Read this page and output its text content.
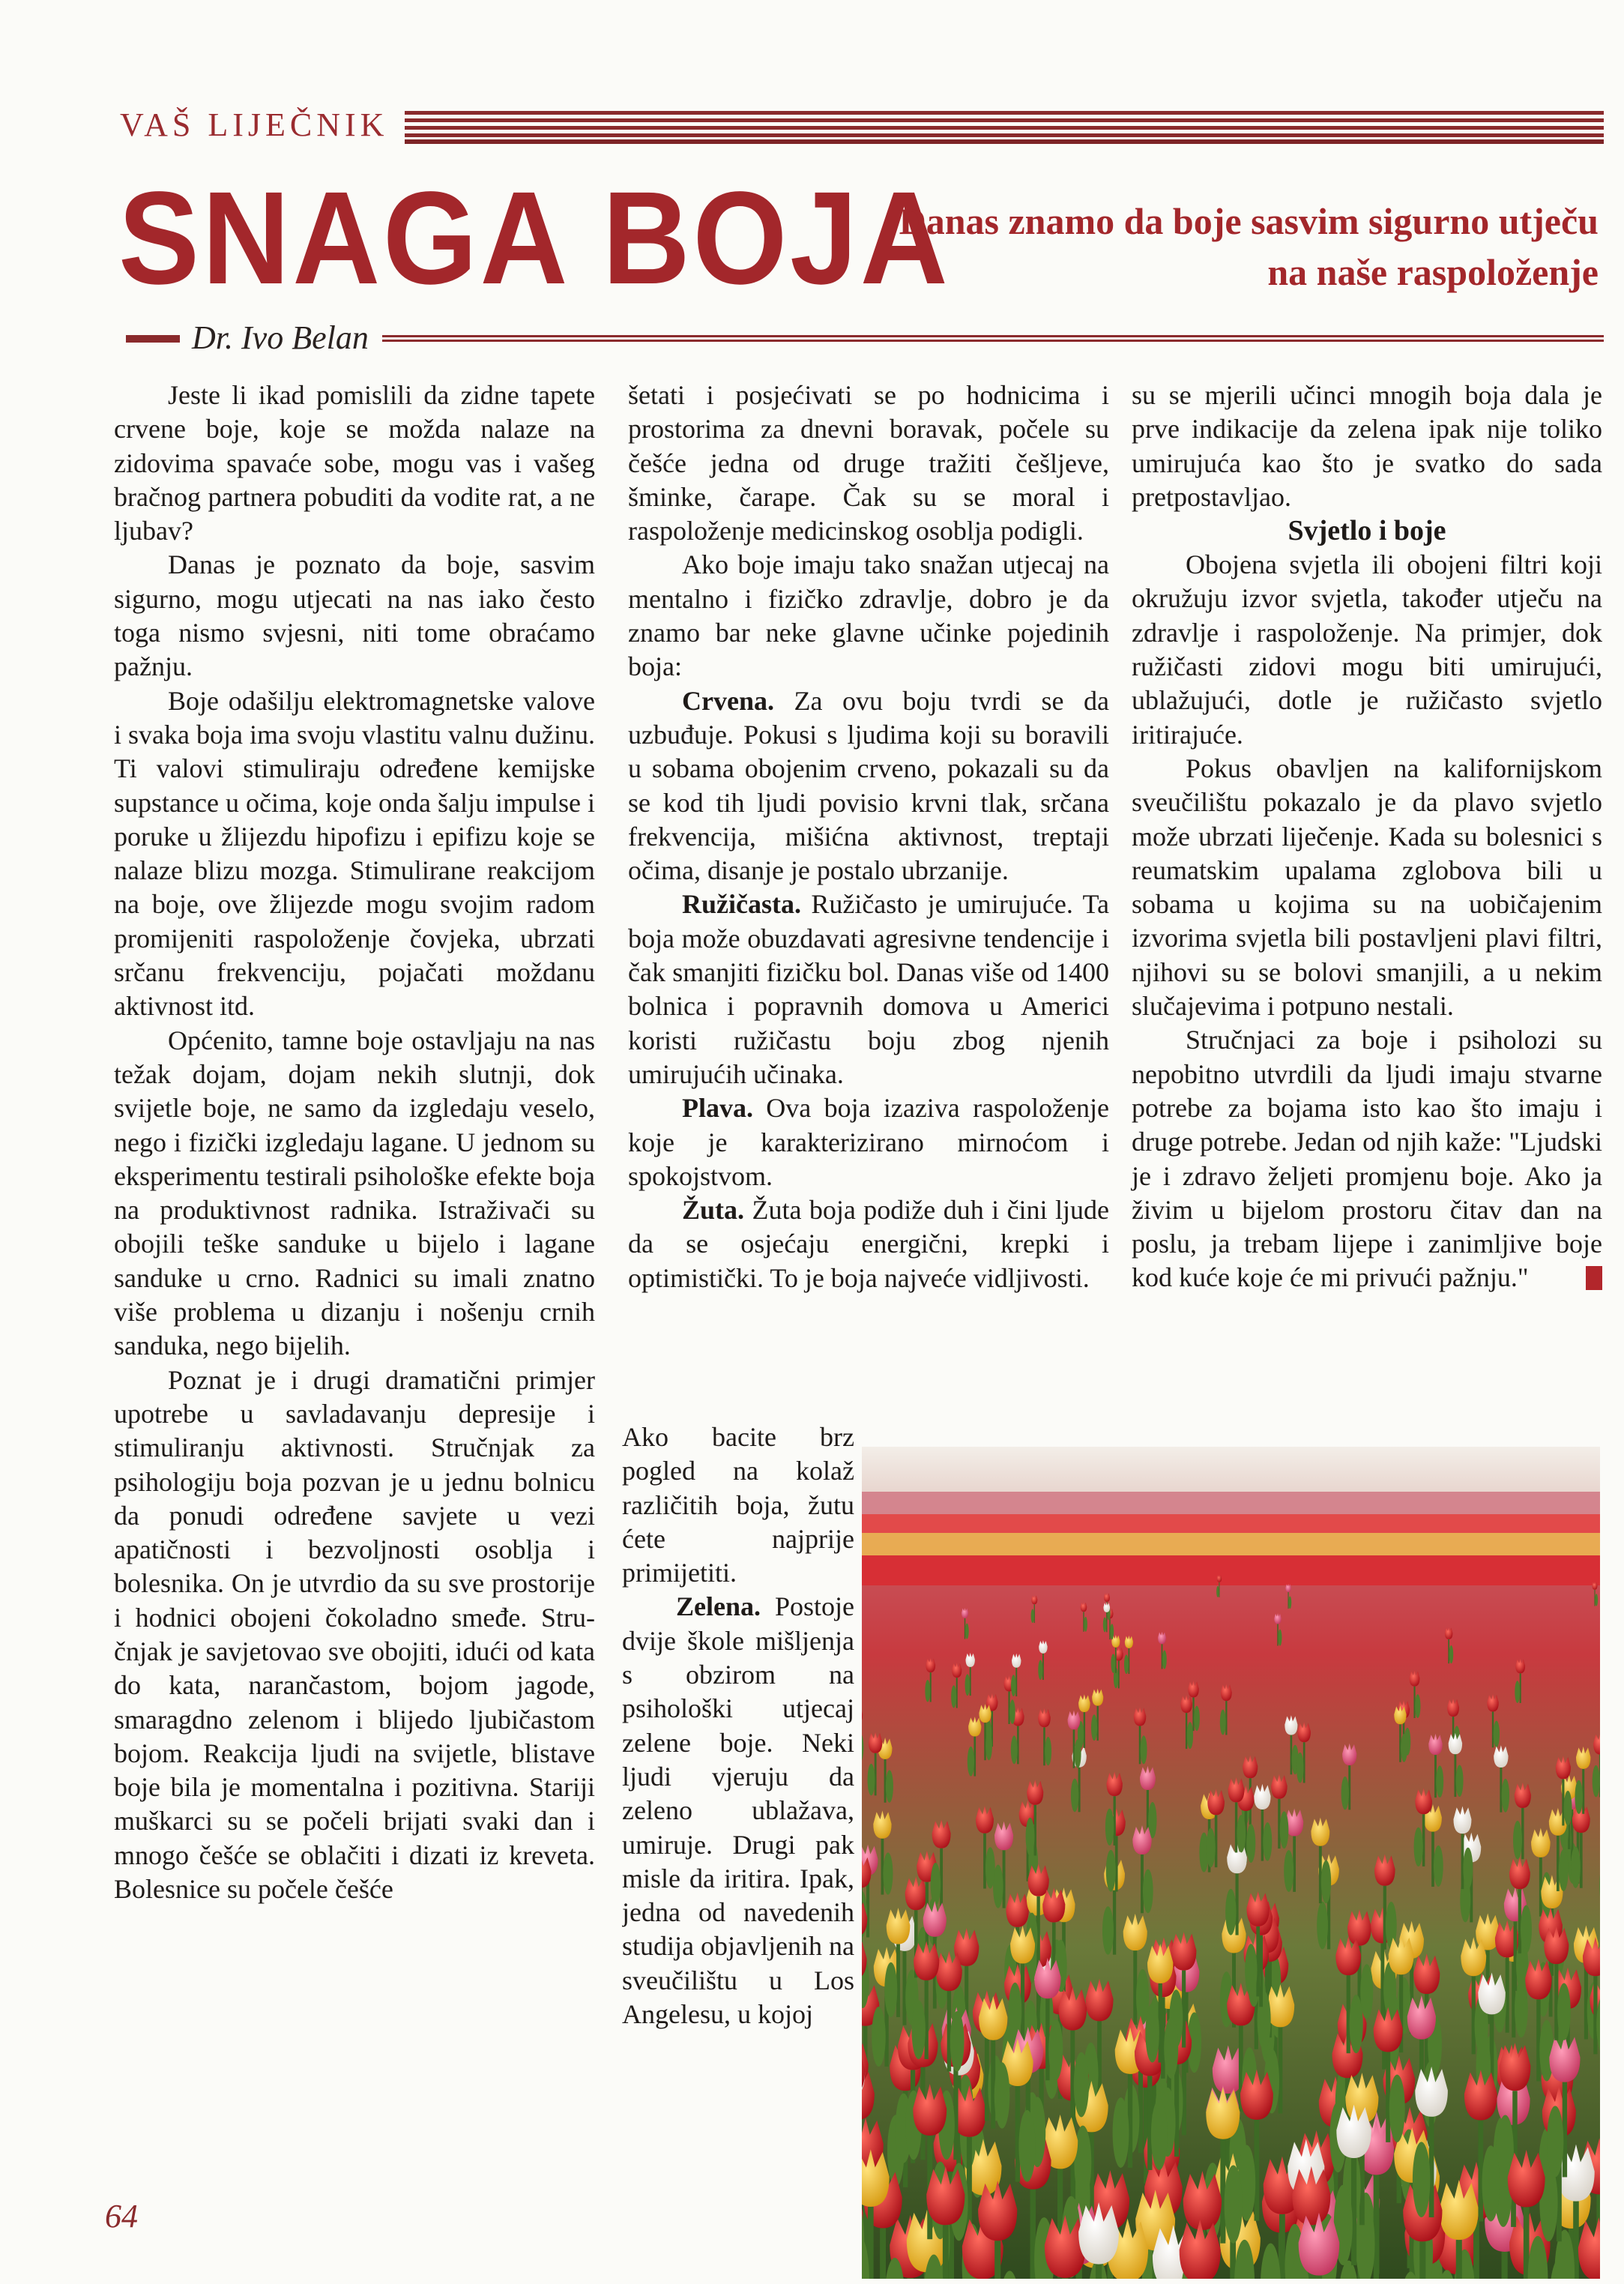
VAŠ LIJEČNIK
SNAGA BOJA
Danas znamo da boje sasvim sigurno utječu
na naše raspoloženje
Dr. Ivo Belan

Jeste li ikad pomislili da zidne tapete crvene boje, koje se možda nalaze na zidovima spavaće sobe, mogu vas i vašeg bračnog partnera pobuditi da vodite rat, a ne ljubav?

Danas je poznato da boje, sasvim sigurno, mogu utjecati na nas iako često toga nismo svjesni, niti tome obraćamo pažnju.

Boje odašilju elektromagnetske valove i svaka boja ima svoju vlastitu valnu dužinu. Ti valovi stimuliraju određene kemijske supstance u očima, koje onda šalju impulse i poruke u žlijezdu hipofizu i epifizu koje se nalaze blizu mozga. Stimulirane reakcijom na boje, ove žlijezde mogu svojim radom promijeniti raspoloženje čovjeka, ubrzati srčanu frekvenciju, pojačati moždanu aktivnost itd.

Općenito, tamne boje ostavljaju na nas težak dojam, dojam nekih slutnji, dok svijetle boje, ne samo da izgledaju veselo, nego i fizički izgledaju lagane. U jednom su eksperimentu testirali psihološke efekte boja na produktivnost radnika. Istraživači su obojili teške sanduke u bijelo i lagane sanduke u crno. Radnici su imali znatno više problema u dizanju i nošenju crnih sanduka, nego bijelih.

Poznat je i drugi dramatični primjer upotrebe u savladavanju depresije i stimuliranju aktivnosti. Stručnjak za psihologiju boja pozvan je u jednu bolnicu da ponudi određene savjete u vezi apatičnosti i bezvoljnosti osoblja i bolesnika. On je utvrdio da su sve prostorije i hodnici obojeni čokoladno smeđe. Stručnjak je savjetovao sve obojiti, idući od kata do kata, narančastom, bojom jagode, smaragdno zelenom i blijedo ljubičastom bojom. Reakcija ljudi na svijetle, blistave boje bila je momentalna i pozitivna. Stariji muškarci su se počeli brijati svaki dan i mnogo češće se oblačiti i dizati iz kreveta. Bolesnice su počele češće

šetati i posjećivati se po hodnicima i prostorima za dnevni boravak, počele su češće jedna od druge tražiti češljeve, šminke, čarape. Čak su se moral i raspoloženje medicinskog osoblja podigli.

Ako boje imaju tako snažan utjecaj na mentalno i fizičko zdravlje, dobro je da znamo bar neke glavne učinke pojedinih boja:

Crvena. Za ovu boju tvrdi se da uzbuđuje. Pokusi s ljudima koji su boravili u sobama obojenim crveno, pokazali su da se kod tih ljudi povisio krvni tlak, srčana frekvencija, mišićna aktivnost, treptaji očima, disanje je postalo ubrzanije.

Ružičasta. Ružičasto je umirujuće. Ta boja može obuzdavati agresivne tendencije i čak smanjiti fizičku bol. Danas više od 1400 bolnica i popravnih domova u Americi koristi ružičastu boju zbog njenih umirujućih učinaka.

Plava. Ova boja izaziva raspoloženje koje je karakterizirano mirnoćom i spokojstvom.

Žuta. Žuta boja podiže duh i čini ljude da se osjećaju energični, krepki i optimistički. To je boja najveće vidljivosti.

Ako bacite brz pogled na kolaž različitih boja, žutu ćete najprije primijetiti.

Zelena. Postoje dvije škole mišljenja s obzirom na psihološki utjecaj zelene boje. Neki ljudi vjeruju da zeleno ublažava, umiruje. Drugi pak misle da iritira. Ipak, jedna od navedenih studija objavljenih na sveučilištu u Los Angelesu, u kojoj

su se mjerili učinci mnogih boja dala je prve indikacije da zelena ipak nije toliko umirujuća kao što je svatko do sada pretpostavljao.

Svjetlo i boje

Obojena svjetla ili obojeni filtri koji okružuju izvor svjetla, također utječu na zdravlje i raspoloženje. Na primjer, dok ružičasti zidovi mogu biti umirujući, ublažujući, dotle je ružičasto svjetlo iritirajuće.

Pokus obavljen na kalifornijskom sveučilištu pokazalo je da plavo svjetlo može ubrzati liječenje. Kada su bolesnici s reumatskim upalama zglobova bili u sobama u kojima su na uobičajenim izvorima svjetla bili postavljeni plavi filtri, njihovi su se bolovi smanjili, a u nekim slučajevima i potpuno nestali.

Stručnjaci za boje i psiholozi su nepobitno utvrdili da ljudi imaju stvarne potrebe za bojama isto kao što imaju i druge potrebe. Jedan od njih kaže: "Ljudski je i zdravo željeti promjenu boje. Ako ja živim u bijelom prostoru čitav dan na poslu, ja trebam lijepe i zanimljive boje kod kuće koje će mi privući pažnju."

64
